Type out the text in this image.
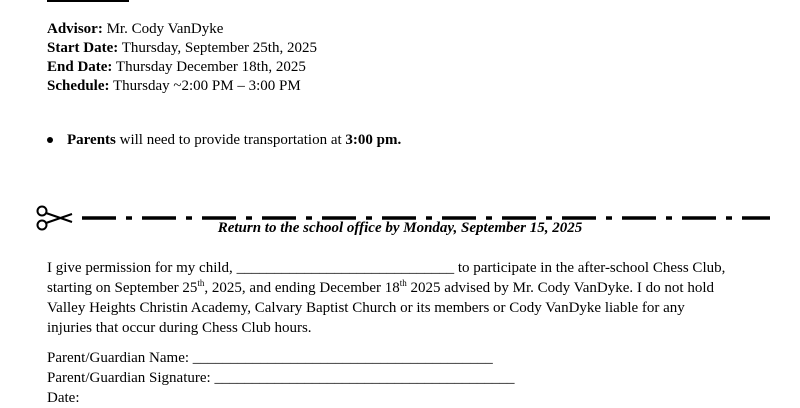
Advisor: Mr. Cody VanDyke
Start Date: Thursday, September 25th, 2025
End Date: Thursday December 18th, 2025
Schedule: Thursday ~2:00 PM – 3:00 PM
Parents will need to provide transportation at 3:00 pm.
Return to the school office by Monday, September 15, 2025
I give permission for my child, _____________________________ to participate in the after-school Chess Club,
starting on September 25th, 2025, and ending December 18th 2025 advised by Mr. Cody VanDyke. I do not hold
Valley Heights Christin Academy, Calvary Baptist Church or its members or Cody VanDyke liable for any
injuries that occur during Chess Club hours.
Parent/Guardian Name: ________________________________________
Parent/Guardian Signature: ________________________________________
Date:
